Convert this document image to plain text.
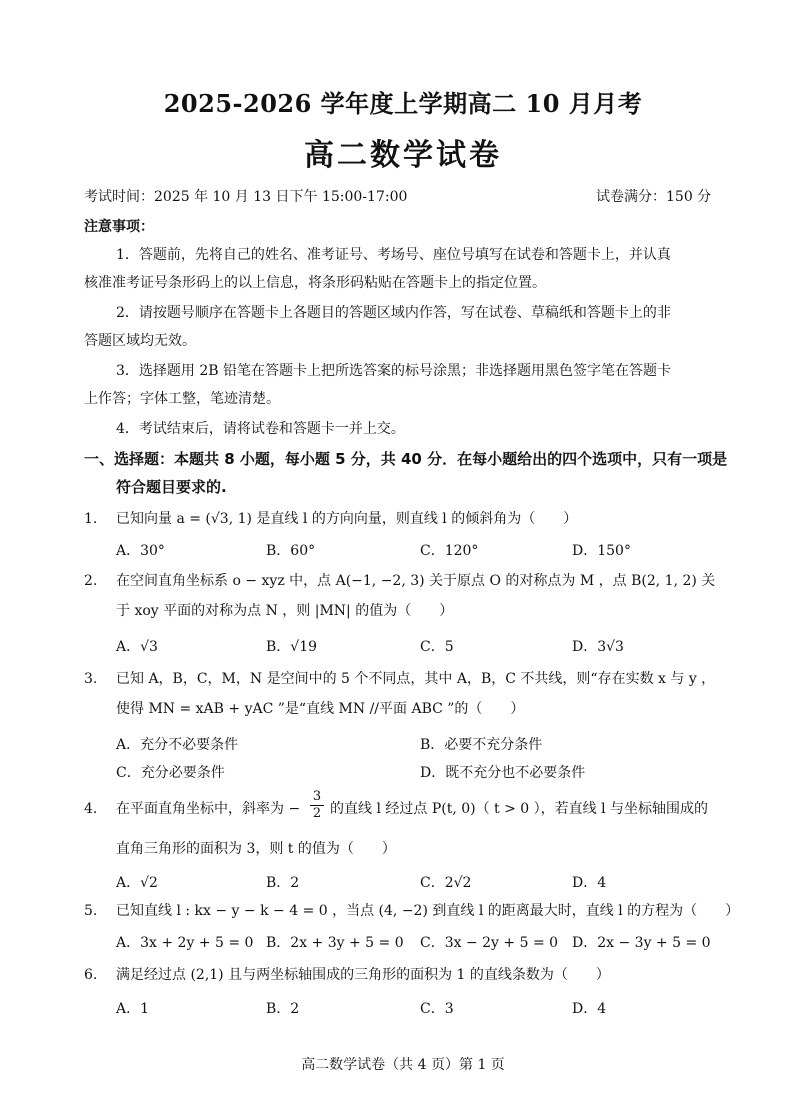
2025-2026 学年度上学期高二 10 月月考
高二数学试卷
考试时间：2025 年 10 月 13 日下午 15:00-17:00	试卷满分：150 分
注意事项：
1．答题前，先将自己的姓名、准考证号、考场号、座位号填写在试卷和答题卡上，并认真
核准准考证号条形码上的以上信息，将条形码粘贴在答题卡上的指定位置。
2．请按题号顺序在答题卡上各题目的答题区域内作答，写在试卷、草稿纸和答题卡上的非
答题区域均无效。
3．选择题用 2B 铅笔在答题卡上把所选答案的标号涂黑；非选择题用黑色签字笔在答题卡
上作答；字体工整，笔迹清楚。
4．考试结束后，请将试卷和答题卡一并上交。
一、选择题：本题共 8 小题，每小题 5 分，共 40 分．在每小题给出的四个选项中，只有一项是
符合题目要求的.
1. 已知向量 a = (√3, 1) 是直线 l 的方向向量，则直线 l 的倾斜角为（　　）
A．30°	B．60°	C．120°	D．150°
2. 在空间直角坐标系 o − xyz 中，点 A(−1, −2, 3) 关于原点 O 的对称点为 M ，点 B(2, 1, 2) 关
于 xoy 平面的对称为点 N ，则 |MN| 的值为（　　）
A．√3	B．√19	C．5	D．3√3
3. 已知 A，B，C，M，N 是空间中的 5 个不同点，其中 A，B，C 不共线，则“存在实数 x 与 y ，
使得 MN = xAB + yAC ”是“直线 MN //平面 ABC ”的（　　）
A．充分不必要条件	B．必要不充分条件
C．充分必要条件	D．既不充分也不必要条件
4. 在平面直角坐标中，斜率为 −
3
2 的直线 l 经过点 P(t, 0)（ t > 0 ），若直线 l 与坐标轴围成的
直角三角形的面积为 3，则 t 的值为（　　）
A．√2	B．2	C．2√2	D．4
5. 已知直线 l : kx − y − k − 4 = 0 ，当点 (4, −2) 到直线 l 的距离最大时，直线 l 的方程为（　　）
A．3x + 2y + 5 = 0 B．2x + 3y + 5 = 0 C．3x − 2y + 5 = 0 D．2x − 3y + 5 = 0
6. 满足经过点 (2,1) 且与两坐标轴围成的三角形的面积为 1 的直线条数为（　　）
A．1	B．2	C．3	D．4
高二数学试卷（共 4 页）第 1 页
